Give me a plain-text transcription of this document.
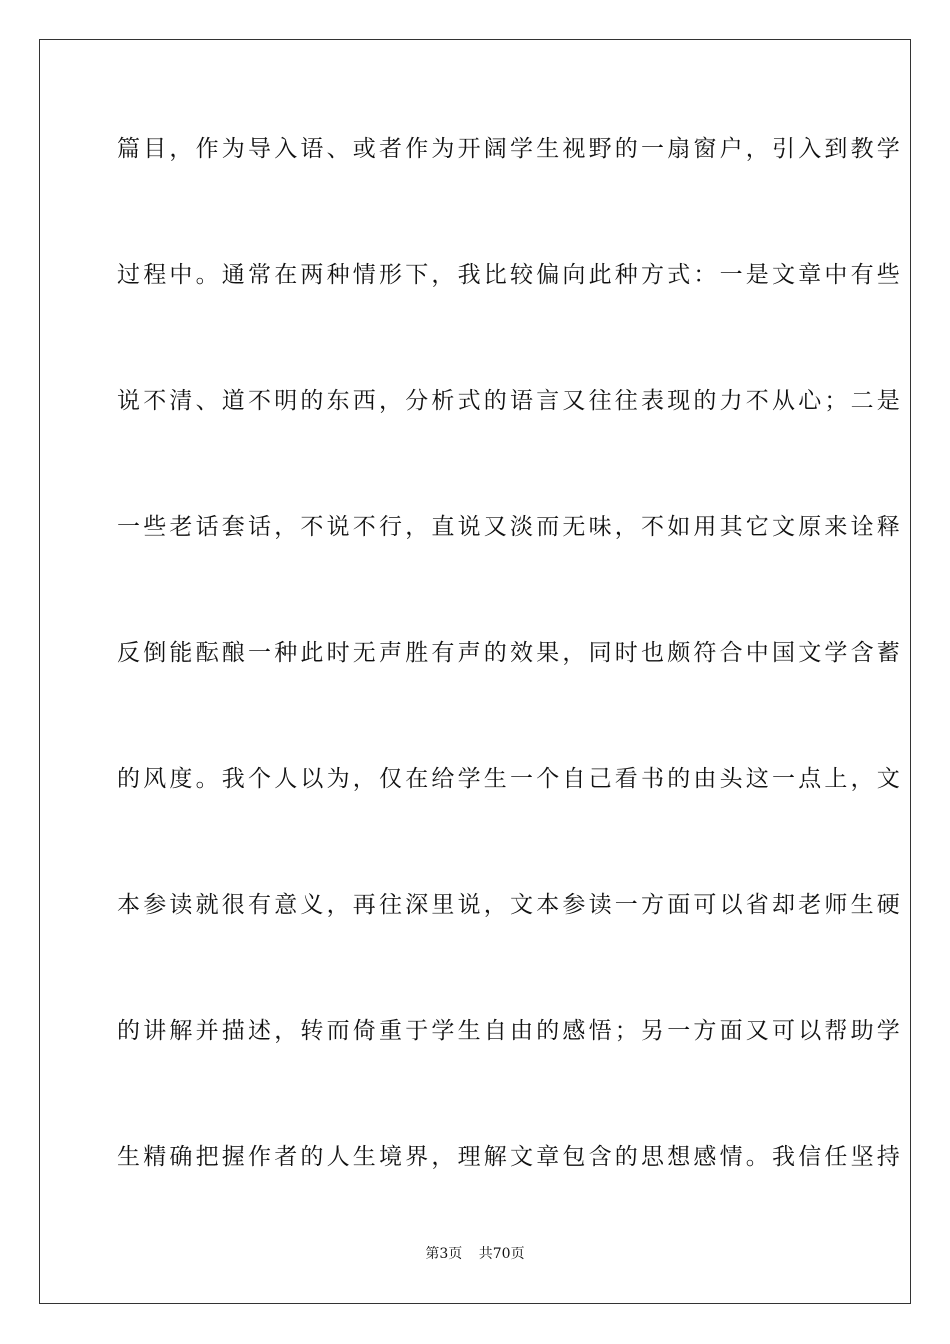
篇目，作为导入语、或者作为开阔学生视野的一扇窗户，引入到教学
过程中。通常在两种情形下，我比较偏向此种方式：一是文章中有些
说不清、道不明的东西，分析式的语言又往往表现的力不从心；二是
一些老话套话，不说不行，直说又淡而无味，不如用其它文原来诠释
反倒能酝酿一种此时无声胜有声的效果，同时也颇符合中国文学含蓄
的风度。我个人以为，仅在给学生一个自己看书的由头这一点上，文
本参读就很有意义，再往深里说，文本参读一方面可以省却老师生硬
的讲解并描述，转而倚重于学生自由的感悟；另一方面又可以帮助学
生精确把握作者的人生境界，理解文章包含的思想感情。我信任坚持
第3页 共70页
